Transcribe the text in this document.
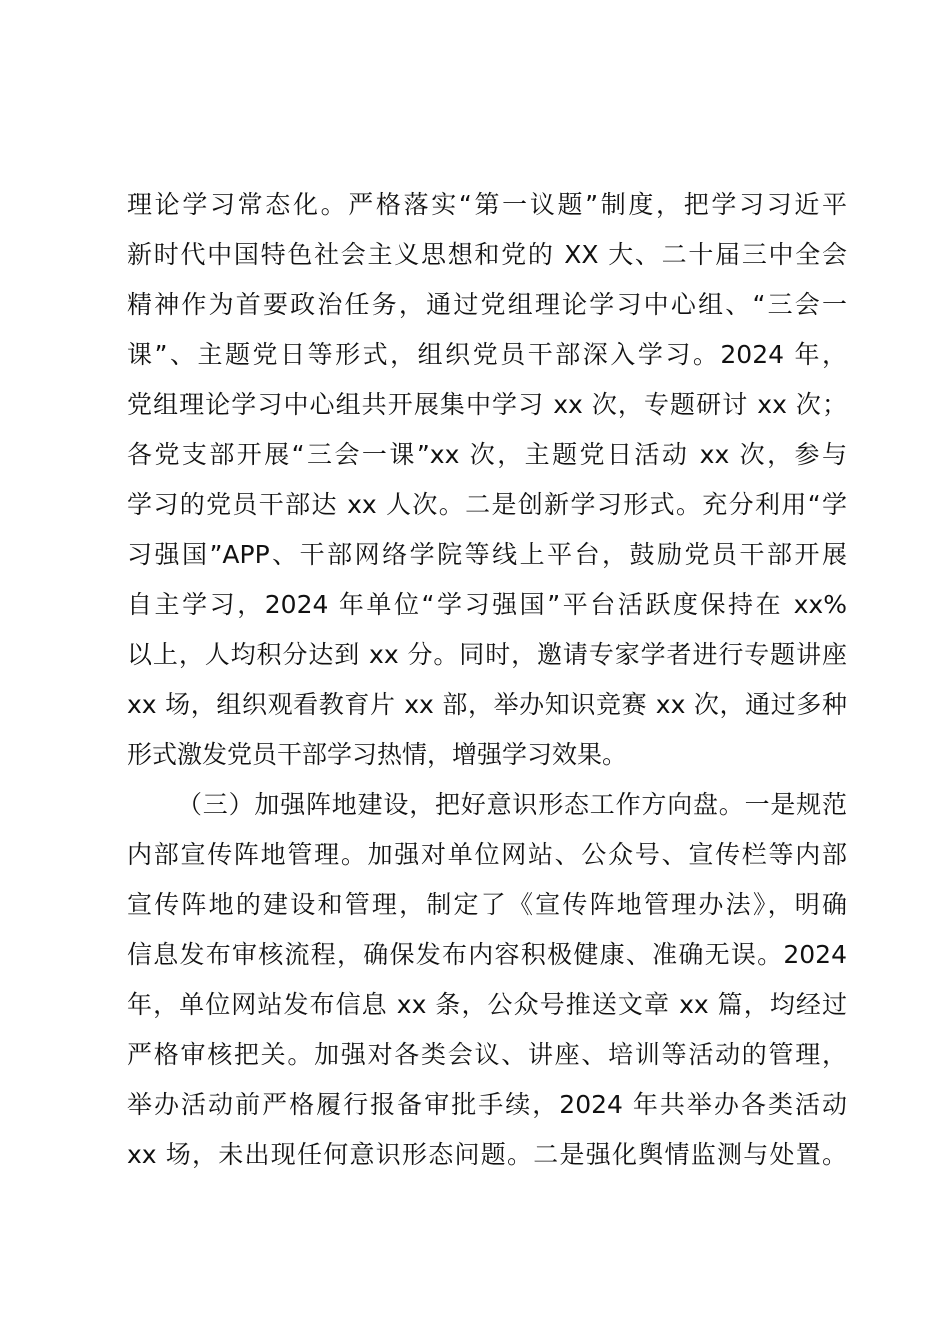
理论学习常态化。严格落实“第一议题”制度，把学习习近平
新时代中国特色社会主义思想和党的 XX 大、二十届三中全会
精神作为首要政治任务，通过党组理论学习中心组、“三会一
课”、主题党日等形式，组织党员干部深入学习。2024 年，
党组理论学习中心组共开展集中学习 xx 次，专题研讨 xx 次；
各党支部开展“三会一课”xx 次，主题党日活动 xx 次，参与
学习的党员干部达 xx 人次。二是创新学习形式。充分利用“学
习强国”APP、干部网络学院等线上平台，鼓励党员干部开展
自主学习，2024 年单位“学习强国”平台活跃度保持在 xx%
以上，人均积分达到 xx 分。同时，邀请专家学者进行专题讲座
xx 场，组织观看教育片 xx 部，举办知识竞赛 xx 次，通过多种
形式激发党员干部学习热情，增强学习效果。
（三）加强阵地建设，把好意识形态工作方向盘。一是规范
内部宣传阵地管理。加强对单位网站、公众号、宣传栏等内部
宣传阵地的建设和管理，制定了《宣传阵地管理办法》，明确
信息发布审核流程，确保发布内容积极健康、准确无误。2024
年，单位网站发布信息 xx 条，公众号推送文章 xx 篇，均经过
严格审核把关。加强对各类会议、讲座、培训等活动的管理，
举办活动前严格履行报备审批手续，2024 年共举办各类活动
xx 场，未出现任何意识形态问题。二是强化舆情监测与处置。
